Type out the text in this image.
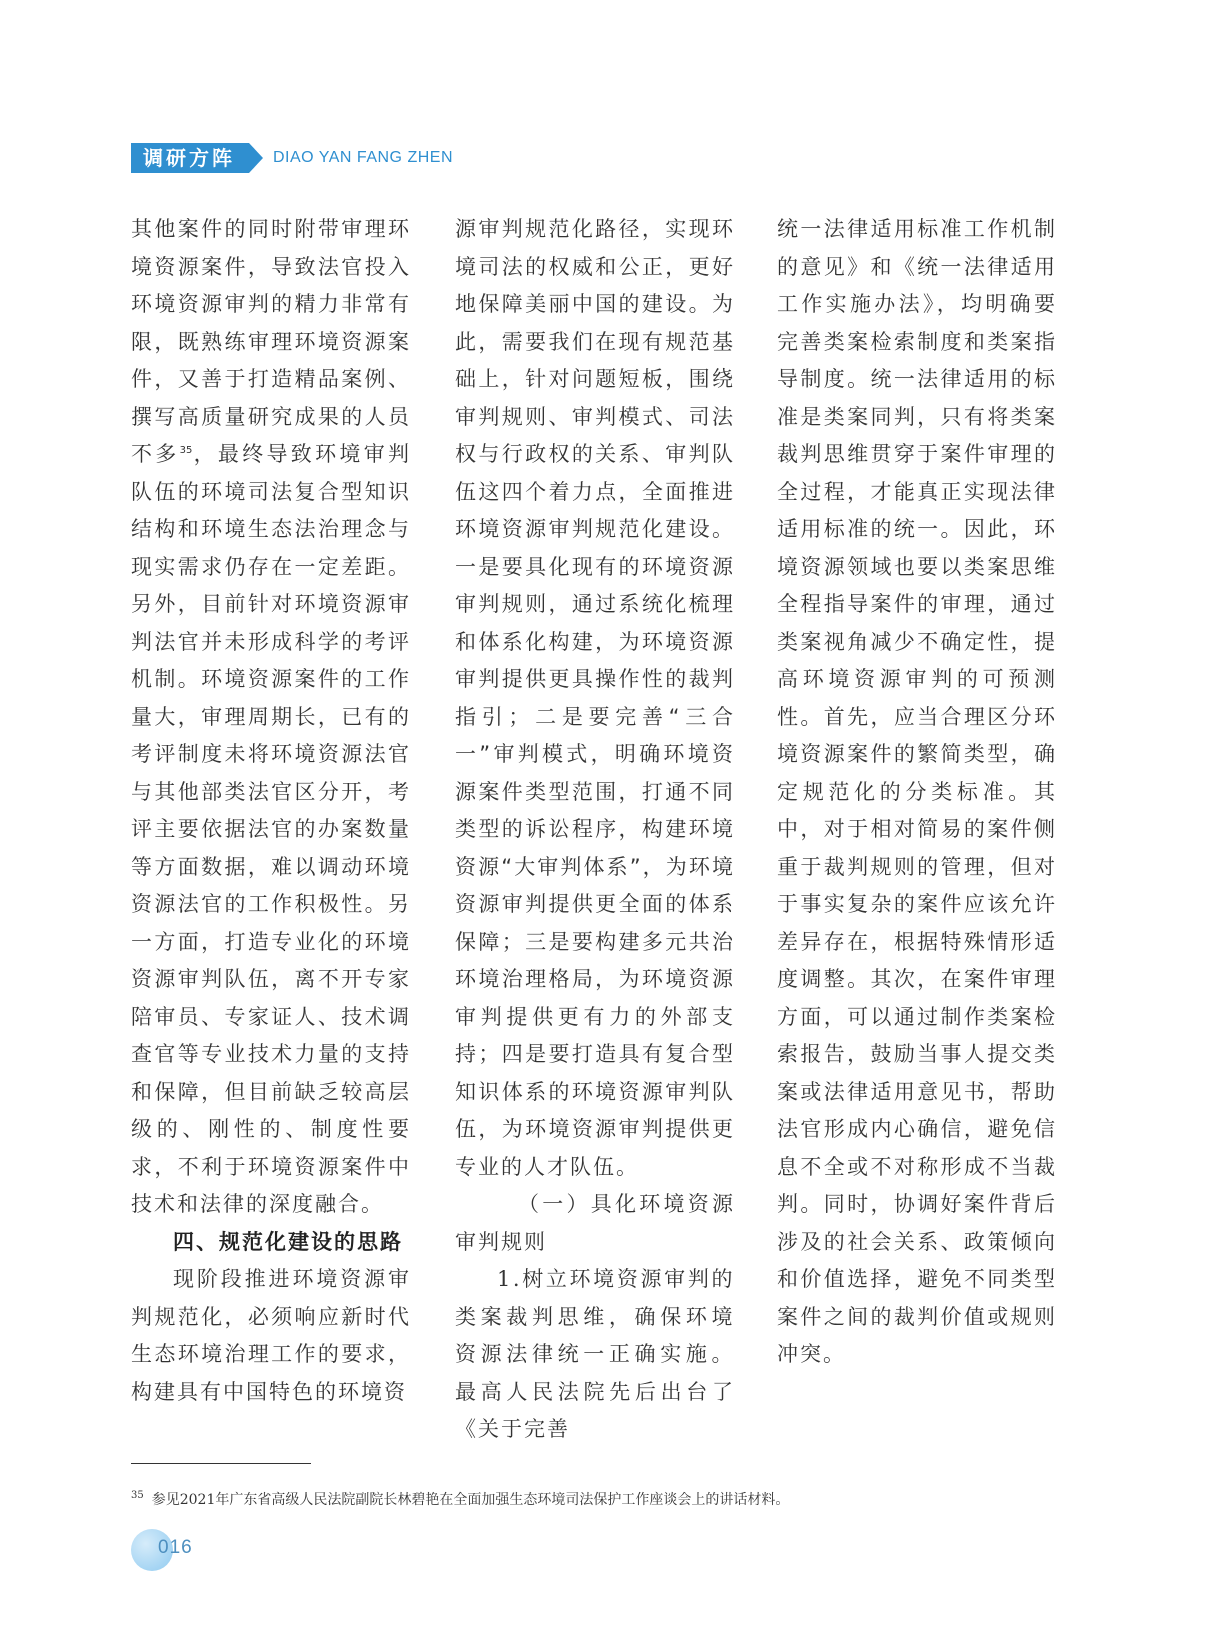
调研方阵	DIAO YAN FANG ZHEN

其他案件的同时附带审理环境资源案件，导致法官投入环境资源审判的精力非常有限，既熟练审理环境资源案件，又善于打造精品案例、撰写高质量研究成果的人员不多$^{35}$，最终导致环境审判队伍的环境司法复合型知识结构和环境生态法治理念与现实需求仍存在一定差距。另外，目前针对环境资源审判法官并未形成科学的考评机制。环境资源案件的工作量大，审理周期长，已有的考评制度未将环境资源法官与其他部类法官区分开，考评主要依据法官的办案数量等方面数据，难以调动环境资源法官的工作积极性。另一方面，打造专业化的环境资源审判队伍，离不开专家陪审员、专家证人、技术调查官等专业技术力量的支持和保障，但目前缺乏较高层级的、刚性的、制度性要求，不利于环境资源案件中技术和法律的深度融合。

四、规范化建设的思路

现阶段推进环境资源审判规范化，必须响应新时代生态环境治理工作的要求，构建具有中国特色的环境资

源审判规范化路径，实现环境司法的权威和公正，更好地保障美丽中国的建设。为此，需要我们在现有规范基础上，针对问题短板，围绕审判规则、审判模式、司法权与行政权的关系、审判队伍这四个着力点，全面推进环境资源审判规范化建设。一是要具化现有的环境资源审判规则，通过系统化梳理和体系化构建，为环境资源审判提供更具操作性的裁判指引；二是要完善“三合一”审判模式，明确环境资源案件类型范围，打通不同类型的诉讼程序，构建环境资源“大审判体系”，为环境资源审判提供更全面的体系保障；三是要构建多元共治环境治理格局，为环境资源审判提供更有力的外部支持；四是要打造具有复合型知识体系的环境资源审判队伍，为环境资源审判提供更专业的人才队伍。

（一）具化环境资源审判规则

1.树立环境资源审判的类案裁判思维，确保环境资源法律统一正确实施。最高人民法院先后出台了《关于完善

统一法律适用标准工作机制的意见》和《统一法律适用工作实施办法》，均明确要完善类案检索制度和类案指导制度。统一法律适用的标准是类案同判，只有将类案裁判思维贯穿于案件审理的全过程，才能真正实现法律适用标准的统一。因此，环境资源领域也要以类案思维全程指导案件的审理，通过类案视角减少不确定性，提高环境资源审判的可预测性。首先，应当合理区分环境资源案件的繁简类型，确定规范化的分类标准。其中，对于相对简易的案件侧重于裁判规则的管理，但对于事实复杂的案件应该允许差异存在，根据特殊情形适度调整。其次，在案件审理方面，可以通过制作类案检索报告，鼓励当事人提交类案或法律适用意见书，帮助法官形成内心确信，避免信息不全或不对称形成不当裁判。同时，协调好案件背后涉及的社会关系、政策倾向和价值选择，避免不同类型案件之间的裁判价值或规则冲突。

$^{35}$ 参见2021年广东省高级人民法院副院长林碧艳在全面加强生态环境司法保护工作座谈会上的讲话材料。
016
